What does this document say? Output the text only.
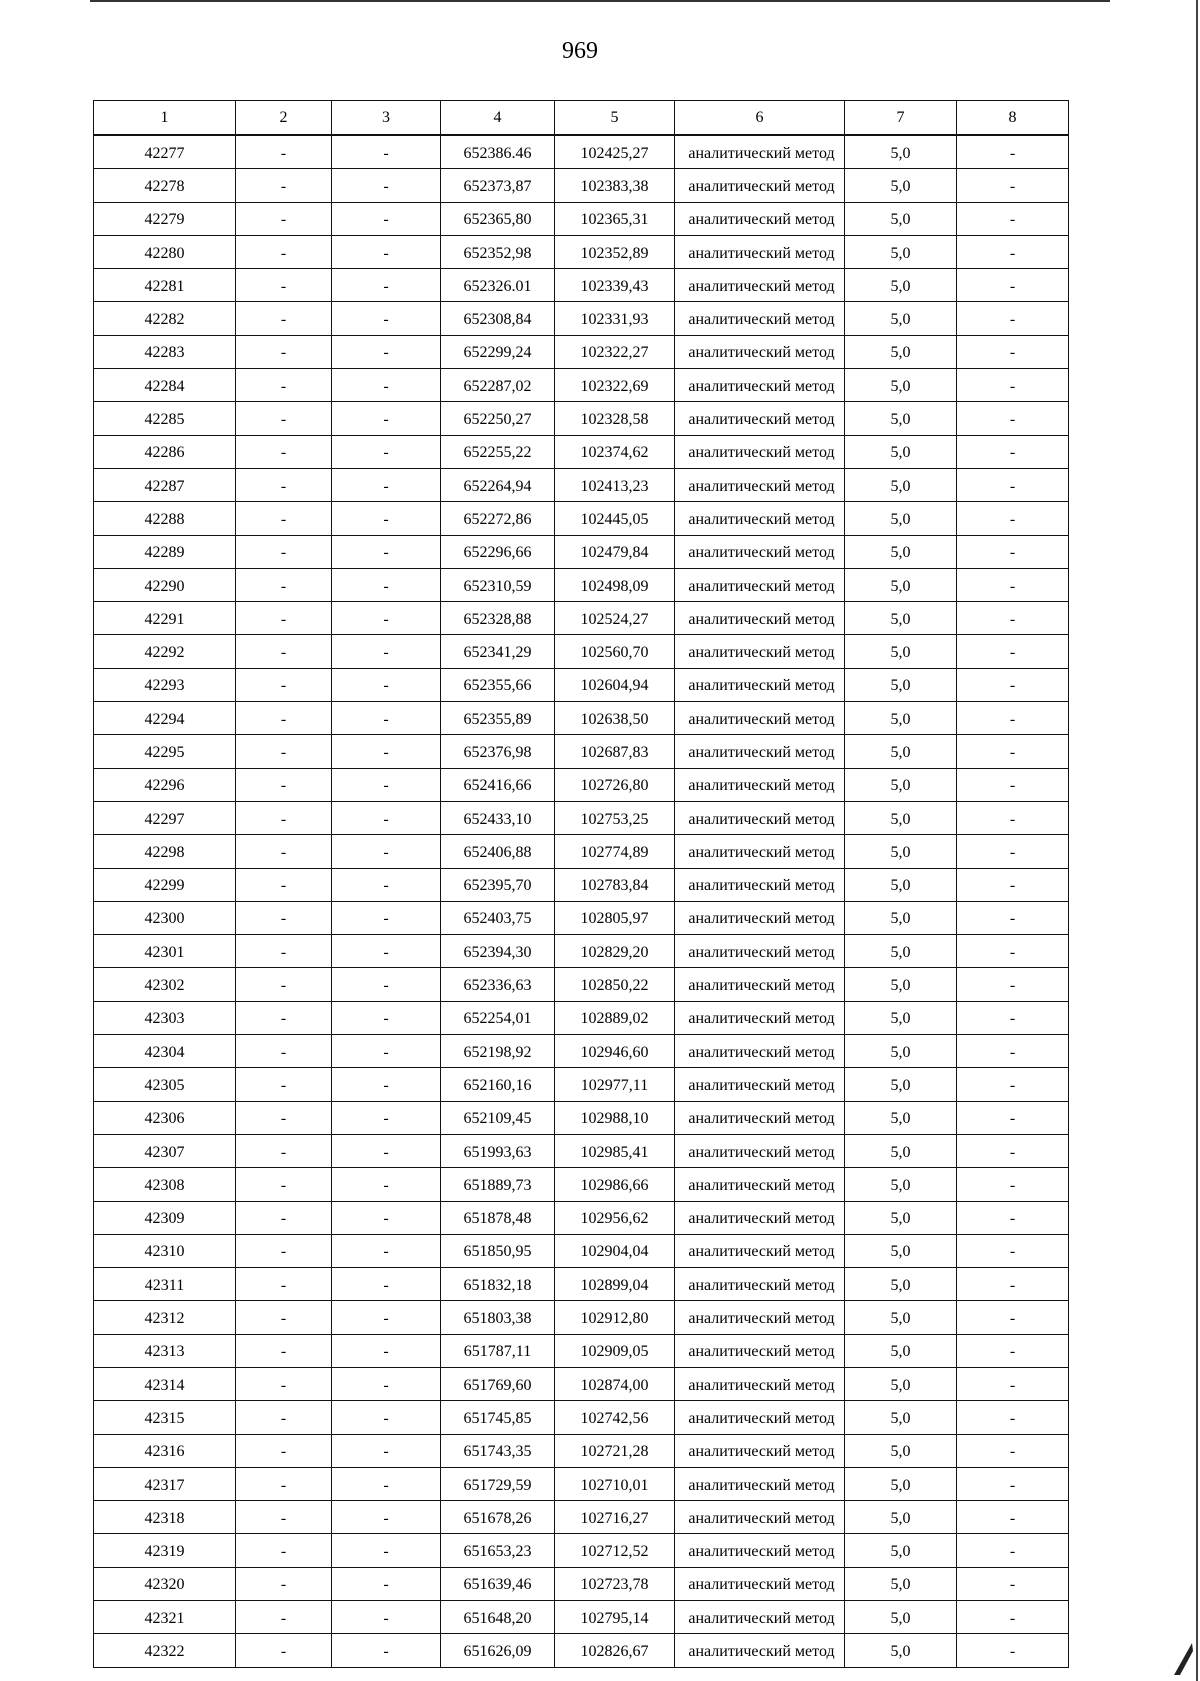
969
1	2	3	4	5	6	7	8
42277	-	-	652386.46	102425,27	аналитический метод	5,0	-
42278	-	-	652373,87	102383,38	аналитический метод	5,0	-
42279	-	-	652365,80	102365,31	аналитический метод	5,0	-
42280	-	-	652352,98	102352,89	аналитический метод	5,0	-
42281	-	-	652326.01	102339,43	аналитический метод	5,0	-
42282	-	-	652308,84	102331,93	аналитический метод	5,0	-
42283	-	-	652299,24	102322,27	аналитический метод	5,0	-
42284	-	-	652287,02	102322,69	аналитический метод	5,0	-
42285	-	-	652250,27	102328,58	аналитический метод	5,0	-
42286	-	-	652255,22	102374,62	аналитический метод	5,0	-
42287	-	-	652264,94	102413,23	аналитический метод	5,0	-
42288	-	-	652272,86	102445,05	аналитический метод	5,0	-
42289	-	-	652296,66	102479,84	аналитический метод	5,0	-
42290	-	-	652310,59	102498,09	аналитический метод	5,0	-
42291	-	-	652328,88	102524,27	аналитический метод	5,0	-
42292	-	-	652341,29	102560,70	аналитический метод	5,0	-
42293	-	-	652355,66	102604,94	аналитический метод	5,0	-
42294	-	-	652355,89	102638,50	аналитический метод	5,0	-
42295	-	-	652376,98	102687,83	аналитический метод	5,0	-
42296	-	-	652416,66	102726,80	аналитический метод	5,0	-
42297	-	-	652433,10	102753,25	аналитический метод	5,0	-
42298	-	-	652406,88	102774,89	аналитический метод	5,0	-
42299	-	-	652395,70	102783,84	аналитический метод	5,0	-
42300	-	-	652403,75	102805,97	аналитический метод	5,0	-
42301	-	-	652394,30	102829,20	аналитический метод	5,0	-
42302	-	-	652336,63	102850,22	аналитический метод	5,0	-
42303	-	-	652254,01	102889,02	аналитический метод	5,0	-
42304	-	-	652198,92	102946,60	аналитический метод	5,0	-
42305	-	-	652160,16	102977,11	аналитический метод	5,0	-
42306	-	-	652109,45	102988,10	аналитический метод	5,0	-
42307	-	-	651993,63	102985,41	аналитический метод	5,0	-
42308	-	-	651889,73	102986,66	аналитический метод	5,0	-
42309	-	-	651878,48	102956,62	аналитический метод	5,0	-
42310	-	-	651850,95	102904,04	аналитический метод	5,0	-
42311	-	-	651832,18	102899,04	аналитический метод	5,0	-
42312	-	-	651803,38	102912,80	аналитический метод	5,0	-
42313	-	-	651787,11	102909,05	аналитический метод	5,0	-
42314	-	-	651769,60	102874,00	аналитический метод	5,0	-
42315	-	-	651745,85	102742,56	аналитический метод	5,0	-
42316	-	-	651743,35	102721,28	аналитический метод	5,0	-
42317	-	-	651729,59	102710,01	аналитический метод	5,0	-
42318	-	-	651678,26	102716,27	аналитический метод	5,0	-
42319	-	-	651653,23	102712,52	аналитический метод	5,0	-
42320	-	-	651639,46	102723,78	аналитический метод	5,0	-
42321	-	-	651648,20	102795,14	аналитический метод	5,0	-
42322	-	-	651626,09	102826,67	аналитический метод	5,0	-
